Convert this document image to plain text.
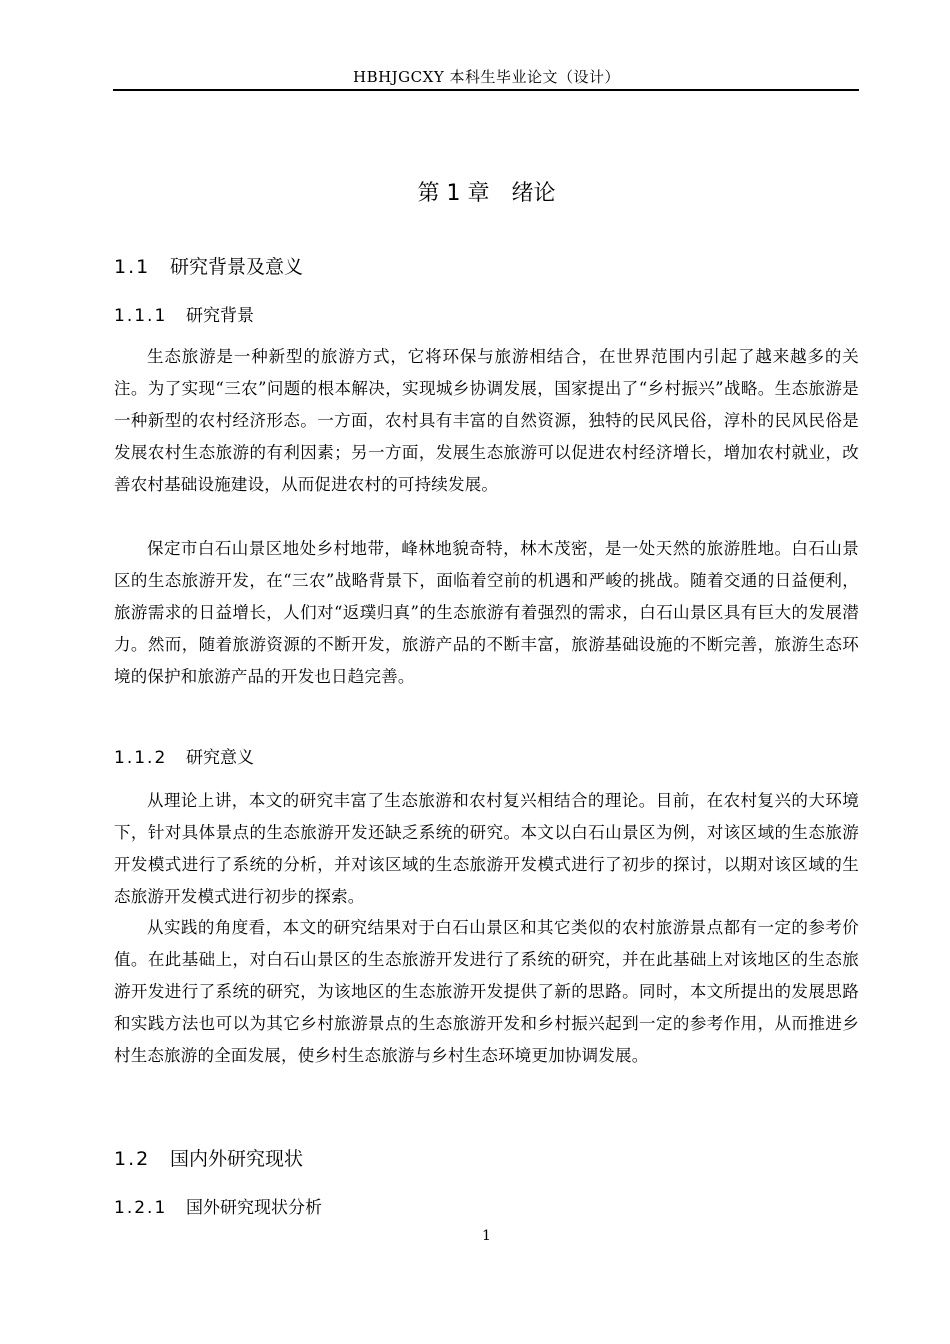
HBHJGCXY 本科生毕业论文（设计）
第 1 章 绪论
1.1 研究背景及意义
1.1.1 研究背景

生态旅游是一种新型的旅游方式，它将环保与旅游相结合，在世界范围内引起了越来越多的关注。为了实现“三农”问题的根本解决，实现城乡协调发展，国家提出了“乡村振兴”战略。生态旅游是一种新型的农村经济形态。一方面，农村具有丰富的自然资源，独特的民风民俗，淳朴的民风民俗是发展农村生态旅游的有利因素；另一方面，发展生态旅游可以促进农村经济增长，增加农村就业，改善农村基础设施建设，从而促进农村的可持续发展。

保定市白石山景区地处乡村地带，峰林地貌奇特，林木茂密，是一处天然的旅游胜地。白石山景区的生态旅游开发，在“三农”战略背景下，面临着空前的机遇和严峻的挑战。随着交通的日益便利，旅游需求的日益增长，人们对“返璞归真”的生态旅游有着强烈的需求，白石山景区具有巨大的发展潜力。然而，随着旅游资源的不断开发，旅游产品的不断丰富，旅游基础设施的不断完善，旅游生态环境的保护和旅游产品的开发也日趋完善。

1.1.2 研究意义

从理论上讲，本文的研究丰富了生态旅游和农村复兴相结合的理论。目前，在农村复兴的大环境下，针对具体景点的生态旅游开发还缺乏系统的研究。本文以白石山景区为例，对该区域的生态旅游开发模式进行了系统的分析，并对该区域的生态旅游开发模式进行了初步的探讨，以期对该区域的生态旅游开发模式进行初步的探索。

从实践的角度看，本文的研究结果对于白石山景区和其它类似的农村旅游景点都有一定的参考价值。在此基础上，对白石山景区的生态旅游开发进行了系统的研究，并在此基础上对该地区的生态旅游开发进行了系统的研究，为该地区的生态旅游开发提供了新的思路。同时，本文所提出的发展思路和实践方法也可以为其它乡村旅游景点的生态旅游开发和乡村振兴起到一定的参考作用，从而推进乡村生态旅游的全面发展，使乡村生态旅游与乡村生态环境更加协调发展。

1.2 国内外研究现状
1.2.1 国外研究现状分析
1
